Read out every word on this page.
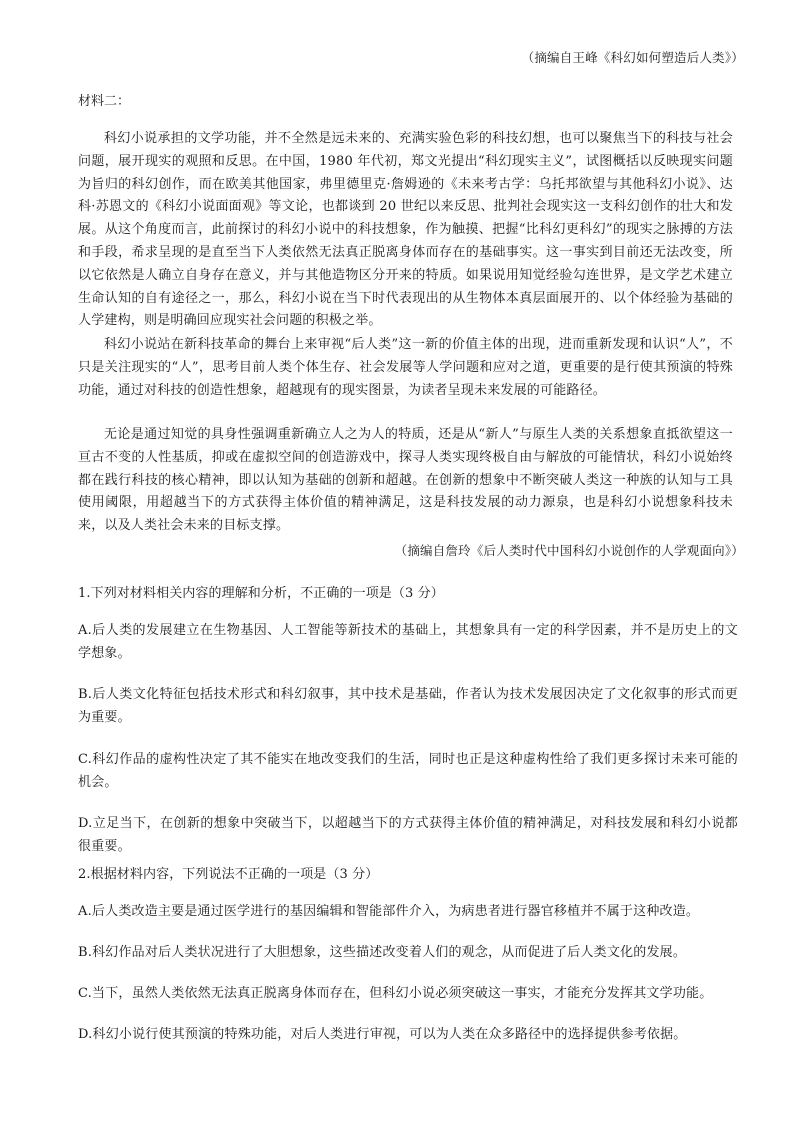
（摘编自王峰《科幻如何塑造后人类》）
材料二：
科幻小说承担的文学功能，并不全然是远未来的、充满实验色彩的科技幻想，也可以聚焦当下的科技与社会问题，展开现实的观照和反思。在中国，1980 年代初，郑文光提出“科幻现实主义”，试图概括以反映现实问题为旨归的科幻创作，而在欧美其他国家，弗里德里克·詹姆逊的《未来考古学：乌托邦欲望与其他科幻小说》、达科·苏恩文的《科幻小说面面观》等文论，也都谈到 20 世纪以来反思、批判社会现实这一支科幻创作的壮大和发展。从这个角度而言，此前探讨的科幻小说中的科技想象，作为触摸、把握“比科幻更科幻”的现实之脉搏的方法和手段，希求呈现的是直至当下人类依然无法真正脱离身体而存在的基础事实。这一事实到目前还无法改变，所以它依然是人确立自身存在意义，并与其他造物区分开来的特质。如果说用知觉经验勾连世界，是文学艺术建立生命认知的自有途径之一，那么，科幻小说在当下时代表现出的从生物体本真层面展开的、以个体经验为基础的人学建构，则是明确回应现实社会问题的积极之举。
科幻小说站在新科技革命的舞台上来审视“后人类”这一新的价值主体的出现，进而重新发现和认识“人”，不只是关注现实的“人”，思考目前人类个体生存、社会发展等人学问题和应对之道，更重要的是行使其预演的特殊功能，通过对科技的创造性想象，超越现有的现实图景，为读者呈现未来发展的可能路径。
无论是通过知觉的具身性强调重新确立人之为人的特质，还是从“新人”与原生人类的关系想象直抵欲望这一亘古不变的人性基质，抑或在虚拟空间的创造游戏中，探寻人类实现终极自由与解放的可能情状，科幻小说始终都在践行科技的核心精神，即以认知为基础的创新和超越。在创新的想象中不断突破人类这一种族的认知与工具使用阈限，用超越当下的方式获得主体价值的精神满足，这是科技发展的动力源泉，也是科幻小说想象科技未来，以及人类社会未来的目标支撑。
（摘编自詹玲《后人类时代中国科幻小说创作的人学观面向》）
1.下列对材料相关内容的理解和分析，不正确的一项是（3 分）
A.后人类的发展建立在生物基因、人工智能等新技术的基础上，其想象具有一定的科学因素，并不是历史上的文学想象。
B.后人类文化特征包括技术形式和科幻叙事，其中技术是基础，作者认为技术发展因决定了文化叙事的形式而更为重要。
C.科幻作品的虚构性决定了其不能实在地改变我们的生活，同时也正是这种虚构性给了我们更多探讨未来可能的机会。
D.立足当下，在创新的想象中突破当下，以超越当下的方式获得主体价值的精神满足，对科技发展和科幻小说都很重要。
2.根据材料内容，下列说法不正确的一项是（3 分）
A.后人类改造主要是通过医学进行的基因编辑和智能部件介入，为病患者进行器官移植并不属于这种改造。
B.科幻作品对后人类状况进行了大胆想象，这些描述改变着人们的观念，从而促进了后人类文化的发展。
C.当下，虽然人类依然无法真正脱离身体而存在，但科幻小说必须突破这一事实，才能充分发挥其文学功能。
D.科幻小说行使其预演的特殊功能，对后人类进行审视，可以为人类在众多路径中的选择提供参考依据。
